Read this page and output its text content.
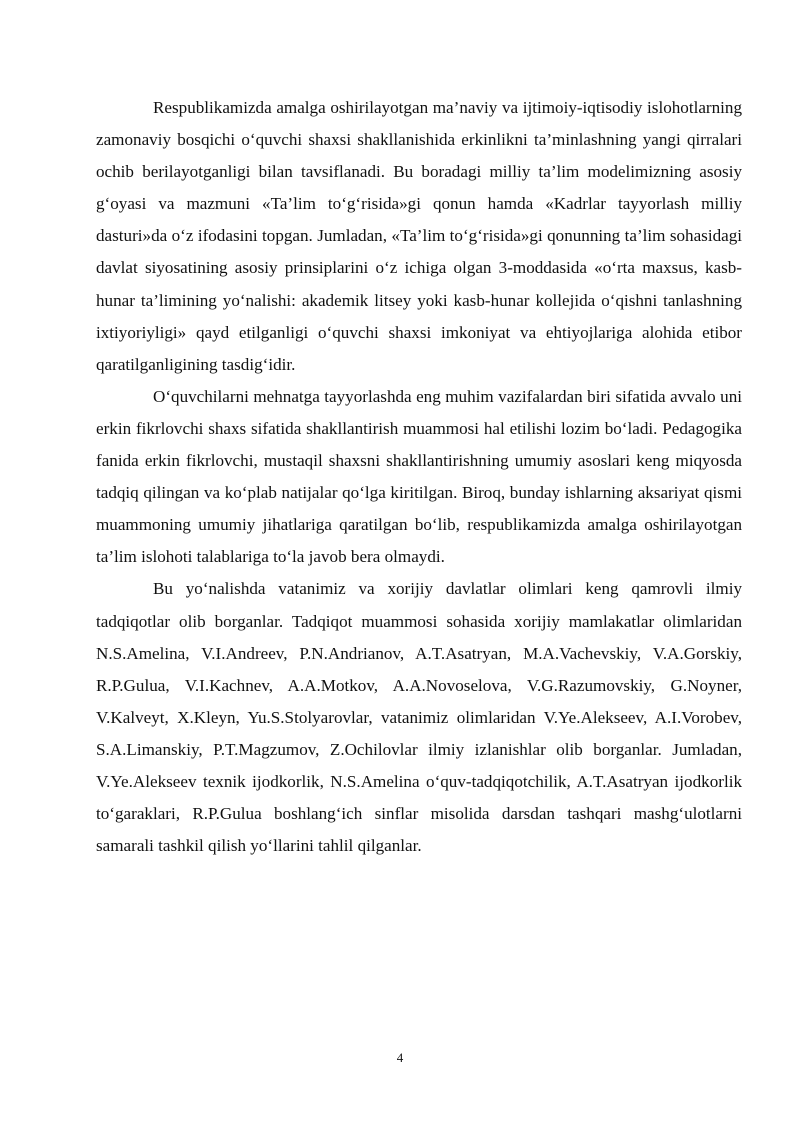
Respublikamizda amalga oshirilayotgan ma’naviy va ijtimoiy-iqtisodiy islohotlarning zamonaviy bosqichi o‘quvchi shaxsi shakllanishida erkinlikni ta’minlashning yangi qirralari ochib berilayotganligi bilan tavsiflanadi. Bu boradagi milliy ta’lim modelimizning asosiy g‘oyasi va mazmuni «Ta’lim to‘g‘risida»gi qonun hamda «Kadrlar tayyorlash milliy dasturi»da o‘z ifodasini topgan. Jumladan, «Ta’lim to‘g‘risida»gi qonunning ta’lim sohasidagi davlat siyosatining asosiy prinsiplarini o‘z ichiga olgan 3-moddasida «o‘rta maxsus, kasb-hunar ta’limining yo‘nalishi: akademik litsey yoki kasb-hunar kollejida o‘qishni tanlashning ixtiyoriyligi» qayd etilganligi o‘quvchi shaxsi imkoniyat va ehtiyojlariga alohida etibor qaratilganligining tasdig‘idir.

O‘quvchilarni mehnatga tayyorlashda eng muhim vazifalardan biri sifatida avvalo uni erkin fikrlovchi shaxs sifatida shakllantirish muammosi hal etilishi lozim bo‘ladi. Pedagogika fanida erkin fikrlovchi, mustaqil shaxsni shakllantirishning umumiy asoslari keng miqyosda tadqiq qilingan va ko‘plab natijalar qo‘lga kiritilgan. Biroq, bunday ishlarning aksariyat qismi muammoning umumiy jihatlariga qaratilgan bo‘lib, respublikamizda amalga oshirilayotgan ta’lim islohoti talablariga to‘la javob bera olmaydi.

Bu yo‘nalishda vatanimiz va xorijiy davlatlar olimlari keng qamrovli ilmiy tadqiqotlar olib borganlar. Tadqiqot muammosi sohasida xorijiy mamlakatlar olimlaridan N.S.Amelina, V.I.Andreev, P.N.Andrianov, A.T.Asatryan, M.A.Vachevskiy, V.A.Gorskiy, R.P.Gulua, V.I.Kachnev, A.A.Motkov, A.A.Novoselova, V.G.Razumovskiy, G.Noyner, V.Kalveyt, X.Kleyn, Yu.S.Stolyarovlar, vatanimiz olimlaridan V.Ye.Alekseev, A.I.Vorobev, S.A.Limanskiy, P.T.Magzumov, Z.Ochilovlar ilmiy izlanishlar olib borganlar. Jumladan, V.Ye.Alekseev texnik ijodkorlik, N.S.Amelina o‘quv-tadqiqotchilik, A.T.Asatryan ijodkorlik to‘garaklari, R.P.Gulua boshlang‘ich sinflar misolida darsdan tashqari mashg‘ulotlarni samarali tashkil qilish yo‘llarini tahlil qilganlar.

4
